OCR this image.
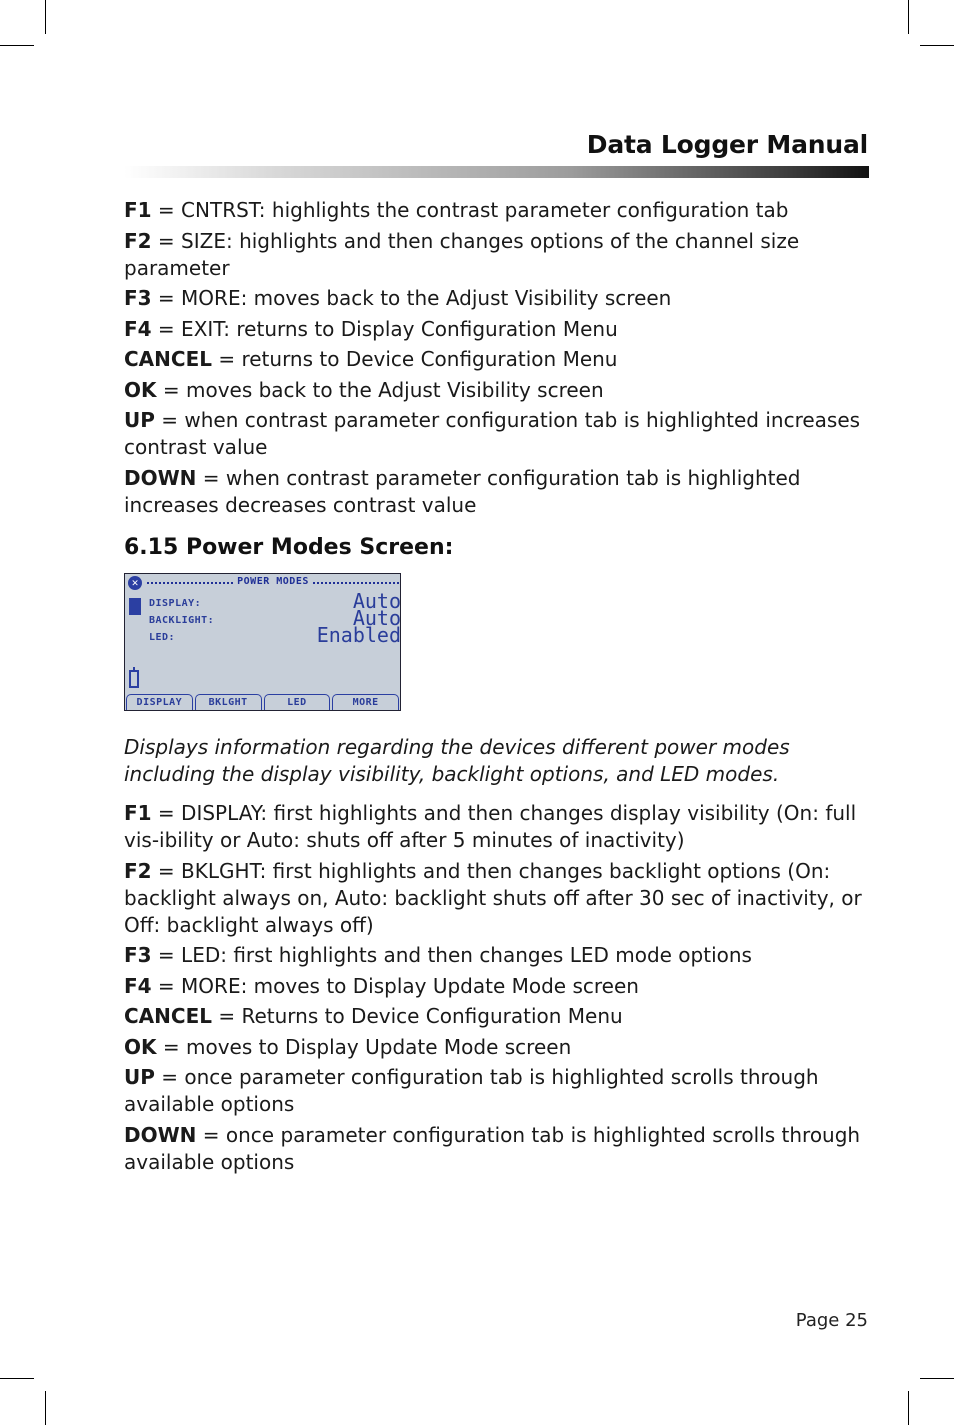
Data Logger Manual
F1 = CNTRST: highlights the contrast parameter configuration tab
F2 = SIZE: highlights and then changes options of the channel size parameter
F3 = MORE: moves back to the Adjust Visibility screen
F4 = EXIT: returns to Display Configuration Menu
CANCEL = returns to Device Configuration Menu
OK = moves back to the Adjust Visibility screen
UP = when contrast parameter configuration tab is highlighted increases contrast value
DOWN = when contrast parameter configuration tab is highlighted increases decreases contrast value
6.15 Power Modes Screen:
✕	POWER MODES
DISPLAY:	Auto
BACKLIGHT:	Auto
LED:	Enabled
DISPLAY	BKLGHT	LED	MORE

Displays information regarding the devices different power modes including the display visibility, backlight options, and LED modes.

F1 = DISPLAY: first highlights and then changes display visibility (On: full vis-ibility or Auto: shuts off after 5 minutes of inactivity)
F2 = BKLGHT: first highlights and then changes backlight options (On: backlight always on, Auto: backlight shuts off after 30 sec of inactivity, or Off: backlight always off)
F3 = LED: first highlights and then changes LED mode options
F4 = MORE: moves to Display Update Mode screen
CANCEL = Returns to Device Configuration Menu
OK = moves to Display Update Mode screen
UP = once parameter configuration tab is highlighted scrolls through available options
DOWN = once parameter configuration tab is highlighted scrolls through available options
Page 25
